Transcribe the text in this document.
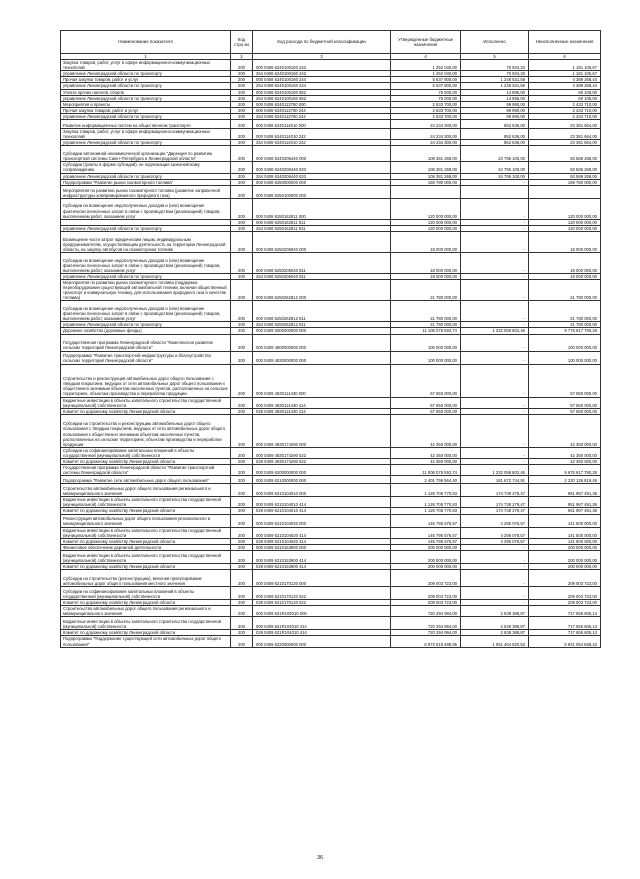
Наименование показателя	Код стро ки	Код расхода по бюджетной классификации	Утвержденные бюджетные назначения	Исполнено	Неисполненные назначения
1	2	3	4	5	6
Закупка товаров, работ, услуг в сфере информационно-коммуникационных технологий	200	000 0408 6240100160 242	1 252 040,00	70 934,33	1 181 105,67
управление Ленинградской области по транспорту	200	254 0408 6240100160 242	1 252 040,00	70 934,33	1 181 105,67
Прочая закупка товаров, работ и услуг	200	000 0408 6240100160 244	5 637 800,00	1 248 531,58	4 389 268,44
управление Ленинградской области по транспорту	200	254 0408 6240100160 244	5 637 800,00	1 248 531,56	4 389 268,44
Уплата прочих налогов, сборов	200	000 0408 6240100160 852	75 000,00	14 895,00	60 105,00
управление Ленинградской области по транспорту	200	254 0408 6240100160 852	75 000,00	14 895,00	60 105,00
Мероприятия и проекты	200	000 0408 6240113760 000	2 533 700,00	99 990,00	2 433 710,00
Прочая закупка товаров, работ и услуг	200	000 0408 6240113760 244	2 533 700,00	99 990,00	2 433 710,00
управление Ленинградской области по транспорту	200	254 0408 6240113760 244	2 533 700,00	99 990,00	2 433 710,00
Развитие информационных систем на общественном транспорте	200	000 0408 6240114010 000	24 234 300,00	852 636,00	23 381 664,00
Закупка товаров, работ, услуг в сфере информационно-коммуникационных технологий	200	000 0408 6240114010 242	24 234 300,00	852 636,00	23 381 664,00
управление Ленинградской области по транспорту	200	254 0408 6240114010 242	24 234 300,00	852 636,00	23 381 664,00
Субсидии автономной некоммерческой организации "Дирекция по развитию транспортной системы Санкт-Петербурга и Ленинградской области"	200	000 0408 6240206440 000	108 381 268,00	24 795 100,00	83 586 268,00
Субсидии (гранты в форме субсидий), не подлежащие казначейскому сопровождению	200	000 0408 6240206440 633	108 381 268,00	24 795 100,00	83 586 268,00
управление Ленинградской области по транспорту	200	254 0408 6240206440 633	108 381 268,00	24 795 100,00	83 586 268,00
Подпрограмма "Развитие рынка газомоторного топлива"	200	000 0408 6250000000 000	159 780 000,00	-	159 780 000,00
Мероприятия по развитию рынка газомоторного топлива (развитие заправочной инфраструктуры компримированного природного газа)	200	000 0408 6250100000 000			
Субсидии на возмещение недополученных доходов и (или) возмещение фактически понесенных затрат в связи с производством (реализацией) товаров, выполнением работ, оказанием услуг	200	000 0408 6250162811 000	120 000 000,00	-	120 000 000,00
	200	000 0408 6250162811 811	120 000 000,00	-	120 000 000,00
управление Ленинградской области по транспорту	200	254 0408 6250162811 811	120 000 000,00	-	120 000 000,00
Возмещение части затрат юридическим лицам, индивидуальным предпринимателям, осуществляющим деятельность на территории Ленинградской области, на закупку автобусов на газомоторном топливе	200	000 0408 6250206040 000	18 000 000,00	-	18 000 000,00
Субсидии на возмещение недополученных доходов и (или) возмещение фактически понесенных затрат в связи с производством (реализацией) товаров, выполнением работ, оказанием услуг	200	000 0408 6250206040 811	18 000 000,00	-	18 000 000,00
управление Ленинградской области по транспорту	200	254 0408 6250206040 811	18 000 000,00	-	18 000 000,00
Мероприятия по развитию рынка газомоторного топлива (поддержка переоборудования существующей автомобильной техники, включая общественный транспорт и коммунальную технику, для использования природного газа в качестве топлива)	200	000 0408 6250262812 000	21 780 000,00	-	21 780 000,00
Субсидии на возмещение недополученных доходов и (или) возмещение фактически понесенных затрат в связи с производством (реализацией) товаров, выполнением работ, оказанием услуг	200	000 0408 6250262812 811	21 780 000,00	-	21 780 000,00
управление Ленинградской области по транспорту	200	254 0408 6250262812 811	21 780 000,00	-	21 780 000,00
Дорожное хозяйство (дорожные фонды)	200	000 0409 0000000000 000	11 106 076 592,74	1 332 058 802,46	9 776 917 790,28
Государственная программа Ленинградской области "Комплексное развитие сельских территорий Ленинградской области"	200	000 0409 4800000000 000	100 000 000,00	-	100 000 000,00
Подпрограмма "Развитие транспортной инфраструктуры и благоустройство сельских территорий Ленинградской области"	200	000 0409 4830000000 000	100 000 000,00	-	100 000 000,00
Строительство и реконструкция автомобильных дорог общего пользования с твердым покрытием, ведущих от сети автомобильных дорог общего пользования к общественно значимым объектам населенных пунктов, расположенных на сельских территориях, объектам производства и переработки продукции	200	000 0409 4830114430 000	57 650 000,00	-	57 650 000,00
Бюджетные инвестиции в объекты капитального строительства государственной (муниципальной) собственности	200	000 0409 4830114430 414	57 650 000,00	-	57 650 000,00
Комитет по дорожному хозяйству Ленинградской области	200	029 0409 4830114430 414	57 650 000,00	-	57 650 000,00
Субсидии на строительство и реконструкцию автомобильных дорог общего пользования с твердым покрытием, ведущих от сети автомобильных дорог общего пользования к общественно значимым объектам населенных пунктов, расположенных на сельских территориях, объектам производства и переработки продукции	200	000 0409 4830174290 000	42 350 000,00	-	42 350 000,00
Субсидии на софинансирование капитальных вложений в объекты государственной (муниципальной) собственности	200	000 0409 4830174290 522	42 350 000,00	-	42 350 000,00
Комитет по дорожному хозяйству Ленинградской области	200	029 0409 4830174290 522	42 350 000,00	-	42 350 000,00
Государственная программа Ленинградской области "Развитие транспортной системы Ленинградской области"	200	000 0409 6200000000 000	11 006 076 592,74	1 332 058 802,46	9 676 917 790,28
Подпрограмма "Развитие сети автомобильных дорог общего пользования"	200	000 0409 6210000000 000	2 401 799 564,40	181 672 744,91	2 220 126 819,49
Строительство автомобильных дорог общего пользования регионального и межмуниципального значения	200	000 0409 6210104010 000	1 126 705 770,83	174 738 279,47	951 967 491,36
Бюджетные инвестиции в объекты капитального строительства государственной (муниципальной) собственности	200	000 0409 6210104010 414	1 126 705 770,83	174 738 279,47	951 967 491,36
Комитет по дорожному хозяйству Ленинградской области	200	029 0409 6210104010 414	1 126 705 770,83	174 738 279,47	951 967 491,36
Реконструкция автомобильных дорог общего пользования регионального и межмуниципального значения	200	000 0409 6210104020 000	145 795 576,57	4 295 076,57	141 500 000,00
Бюджетные инвестиции в объекты капитального строительства государственной (муниципальной) собственности	200	000 0409 6210104020 414	145 795 576,57	4 295 076,57	141 500 000,00
Комитет по дорожному хозяйству Ленинградской области	200	029 0409 6210104020 414	145 795 576,57	4 295 076,57	141 500 000,00
Финансовое обеспечение дорожной деятельности	200	000 0409 6210153900 000	200 000 000,00	-	200 000 000,00
Бюджетные инвестиции в объекты капитального строительства государственной (муниципальной) собственности	200	000 0409 6210153900 414	200 000 000,00	-	200 000 000,00
Комитет по дорожному хозяйству Ленинградской области	200	029 0409 6210153900 414	200 000 000,00	-	200 000 000,00
Субсидии на строительство (реконструкцию), включая проектирование автомобильных дорог общего пользования местного значения	200	000 0409 6210170120 000	209 003 723,00	-	209 003 723,00
Субсидии на софинансирование капитальных вложений в объекты государственной (муниципальной) собственности	200	000 0409 6210170120 522	209 003 723,00	-	209 003 723,00
Комитет по дорожному хозяйству Ленинградской области	200	029 0409 6210170120 522	209 003 723,00	-	209 003 723,00
Строительство автомобильных дорог общего пользования регионального и межмуниципального значения	200	000 0409 621R104010 000	720 294 994,00	2 639 388,87	717 655 605,13
Бюджетные инвестиции в объекты капитального строительства государственной (муниципальной) собственности	200	000 0409 621R104010 414	720 294 994,00	2 639 388,87	717 655 605,13
Комитет по дорожному хозяйству Ленинградской области	200	029 0409 621R104010 414	720 294 994,00	2 639 388,87	717 655 605,13
Подпрограмма "Поддержание существующей сети автомобильных дорог общего пользования"	200	000 0409 6220000000 000	6 972 519 488,95	1 051 464 920,53	5 921 054 568,42
36
